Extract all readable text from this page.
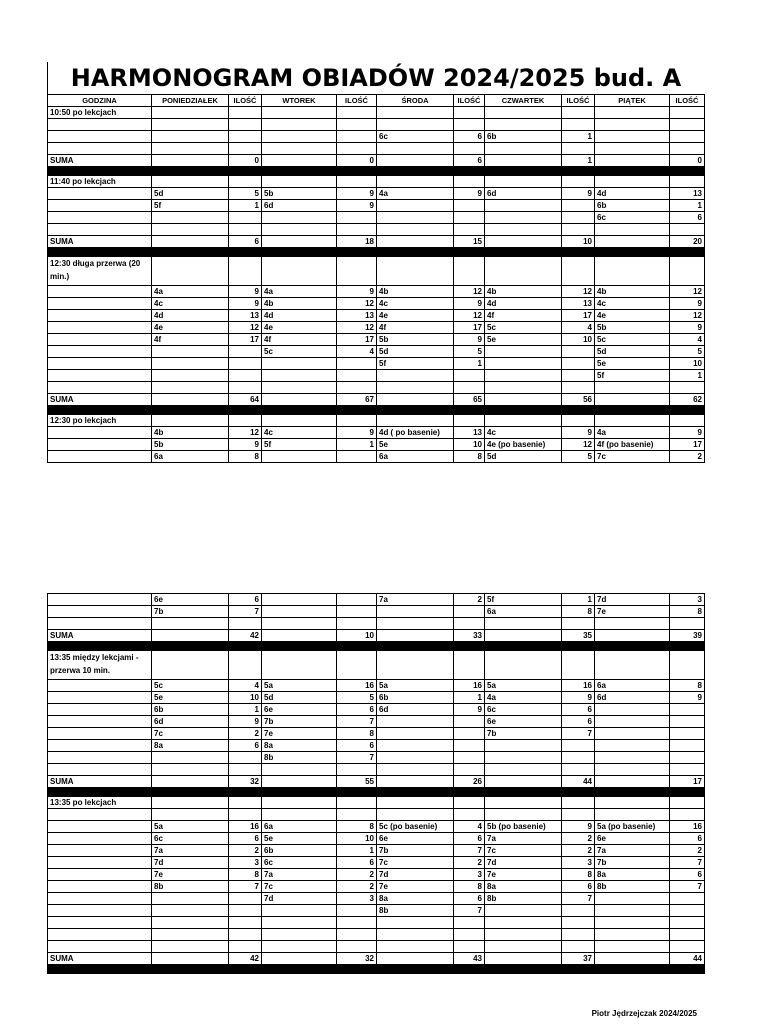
HARMONOGRAM OBIADÓW 2024/2025 bud. A
GODZINA	PONIEDZIAŁEK	ILOŚĆ	WTOREK	ILOŚĆ	ŚRODA	ILOŚĆ	CZWARTEK	ILOŚĆ	PIĄTEK	ILOŚĆ
10:50 po lekcjach										

					6c	6	6b	1		

SUMA		0		0		6		1		0

11:40 po lekcjach										
	5d	5	5b	9	4a	9	6d	9	4d	13
	5f	1	6d	9					6b	1
									6c	6

SUMA		6		18		15		10		20

12:30 długa przerwa (20 min.)										
	4a	9	4a	9	4b	12	4b	12	4b	12
	4c	9	4b	12	4c	9	4d	13	4c	9
	4d	13	4d	13	4e	12	4f	17	4e	12
	4e	12	4e	12	4f	17	5c	4	5b	9
	4f	17	4f	17	5b	9	5e	10	5c	4
			5c	4	5d	5			5d	5
					5f	1			5e	10
									5f	1

SUMA		64		67		65		56		62

12:30 po lekcjach										
	4b	12	4c	9	4d ( po basenie)	13	4c	9	4a	9
	5b	9	5f	1	5e	10	4e (po basenie)	12	4f (po basenie)	17
	6a	8			6a	8	5d	5	7c	2
	6e	6			7a	2	5f	1	7d	3
	7b	7					6a	8	7e	8

SUMA		42		10		33		35		39

13:35 między lekcjami - przerwa 10 min.										
	5c	4	5a	16	5a	16	5a	16	6a	8
	5e	10	5d	5	6b	1	4a	9	6d	9
	6b	1	6e	6	6d	9	6c	6		
	6d	9	7b	7			6e	6		
	7c	2	7e	8			7b	7		
	8a	6	8a	6						
			8b	7						

SUMA		32		55		26		44		17

13:35 po lekcjach										

	5a	16	6a	8	5c (po basenie)	4	5b (po basenie)	9	5a (po basenie)	16
	6c	6	5e	10	6e	6	7a	2	6e	6
	7a	2	6b	1	7b	7	7c	2	7a	2
	7d	3	6c	6	7c	2	7d	3	7b	7
	7e	8	7a	2	7d	3	7e	8	8a	6
	8b	7	7c	2	7e	8	8a	6	8b	7
			7d	3	8a	6	8b	7		
					8b	7				

SUMA		42		32		43		37		44

Piotr Jędrzejczak 2024/2025
